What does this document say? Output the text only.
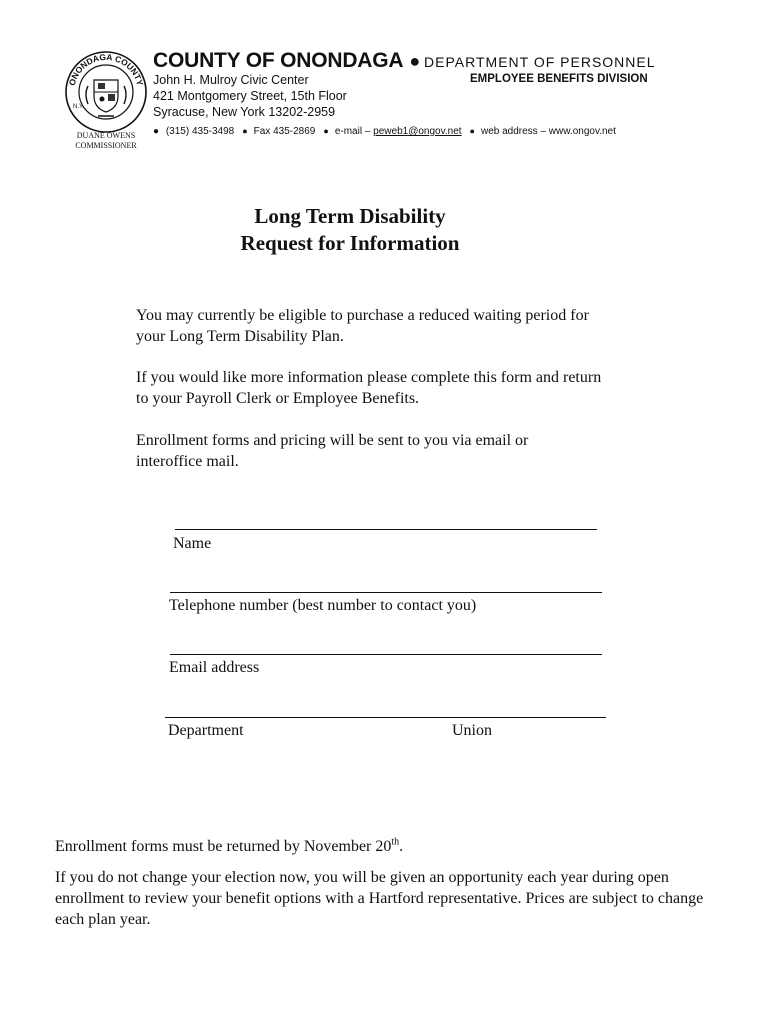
ONONDAGA COUNTY
N.Y.
DUANE OWENS
COMMISSIONER
COUNTY OF ONONDAGA ● DEPARTMENT OF PERSONNEL
John H. Mulroy Civic Center
421 Montgomery Street, 15th Floor
Syracuse, New York 13202-2959
EMPLOYEE BENEFITS DIVISION
● (315) 435-3498 ● Fax 435-2869 ● e-mail – peweb1@ongov.net ● web address – www.ongov.net
Long Term Disability
Request for Information
You may currently be eligible to purchase a reduced waiting period for your Long Term Disability Plan.
If you would like more information please complete this form and return to your Payroll Clerk or Employee Benefits.
Enrollment forms and pricing will be sent to you via email or interoffice mail.
Name
Telephone number (best number to contact you)
Email address
Department	Union
Enrollment forms must be returned by November 20th.
If you do not change your election now, you will be given an opportunity each year during open enrollment to review your benefit options with a Hartford representative. Prices are subject to change each plan year.
